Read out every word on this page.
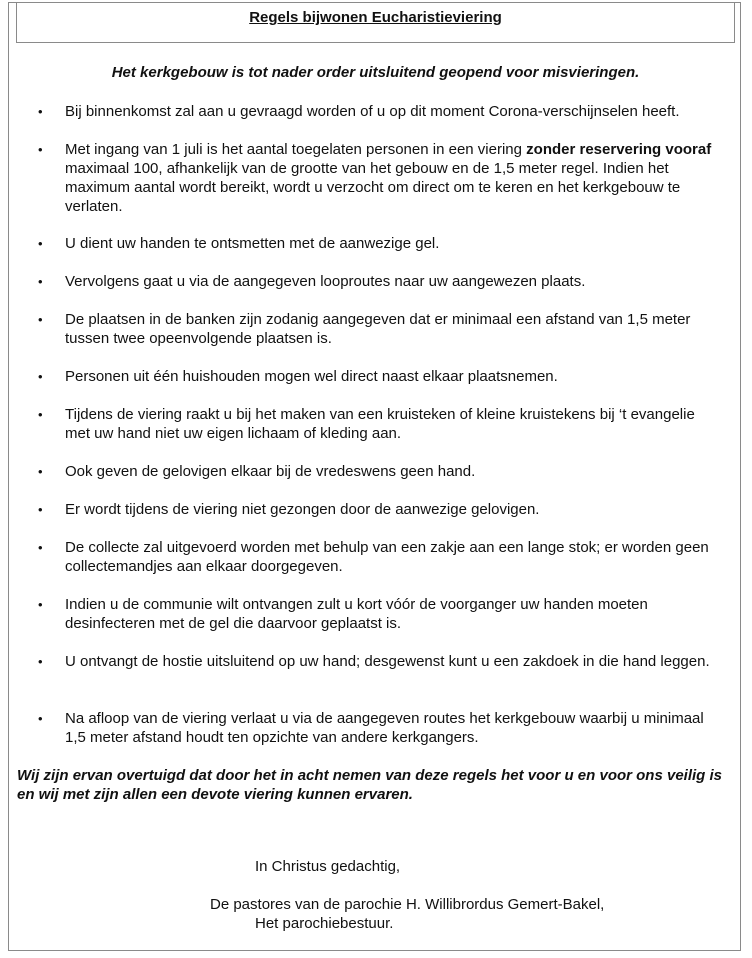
Regels bijwonen Eucharistieviering
Het kerkgebouw is tot nader order uitsluitend geopend voor misvieringen.
•	Bij binnenkomst zal aan u gevraagd worden of u op dit moment Corona-verschijnselen heeft.
•	Met ingang van 1 juli is het aantal toegelaten personen in een viering zonder reservering vooraf maximaal 100, afhankelijk van de grootte van het gebouw en de 1,5 meter regel. Indien het maximum aantal wordt bereikt, wordt u verzocht om direct om te keren en het kerkgebouw te verlaten.
•	U dient uw handen te ontsmetten met de aanwezige gel.
•	Vervolgens gaat u via de aangegeven looproutes naar uw aangewezen plaats.
•	De plaatsen in de banken zijn zodanig aangegeven dat er minimaal een afstand van 1,5 meter tussen twee opeenvolgende plaatsen is.
•	Personen uit één huishouden mogen wel direct naast elkaar plaatsnemen.
•	Tijdens de viering raakt u bij het maken van een kruisteken of kleine kruistekens bij ‘t evangelie met uw hand niet uw eigen lichaam of kleding aan.
•	Ook geven de gelovigen elkaar bij de vredeswens geen hand.
•	Er wordt tijdens de viering niet gezongen door de aanwezige gelovigen.
•	De collecte zal uitgevoerd worden met behulp van een zakje aan een lange stok; er worden geen collectemandjes aan elkaar doorgegeven.
•	Indien u de communie wilt ontvangen zult u kort vóór de voorganger uw handen moeten desinfecteren met de gel die daarvoor geplaatst is.
•	U ontvangt de hostie uitsluitend op uw hand; desgewenst kunt u een zakdoek in die hand leggen.
•	Na afloop van de viering verlaat u via de aangegeven routes het kerkgebouw waarbij u minimaal 1,5 meter afstand houdt ten opzichte van andere kerkgangers.
Wij zijn ervan overtuigd dat door het in acht nemen van deze regels het voor u en voor ons veilig is en wij met zijn allen een devote viering kunnen ervaren.
In Christus gedachtig,
De pastores van de parochie H. Willibrordus Gemert-Bakel,
Het parochiebestuur.
